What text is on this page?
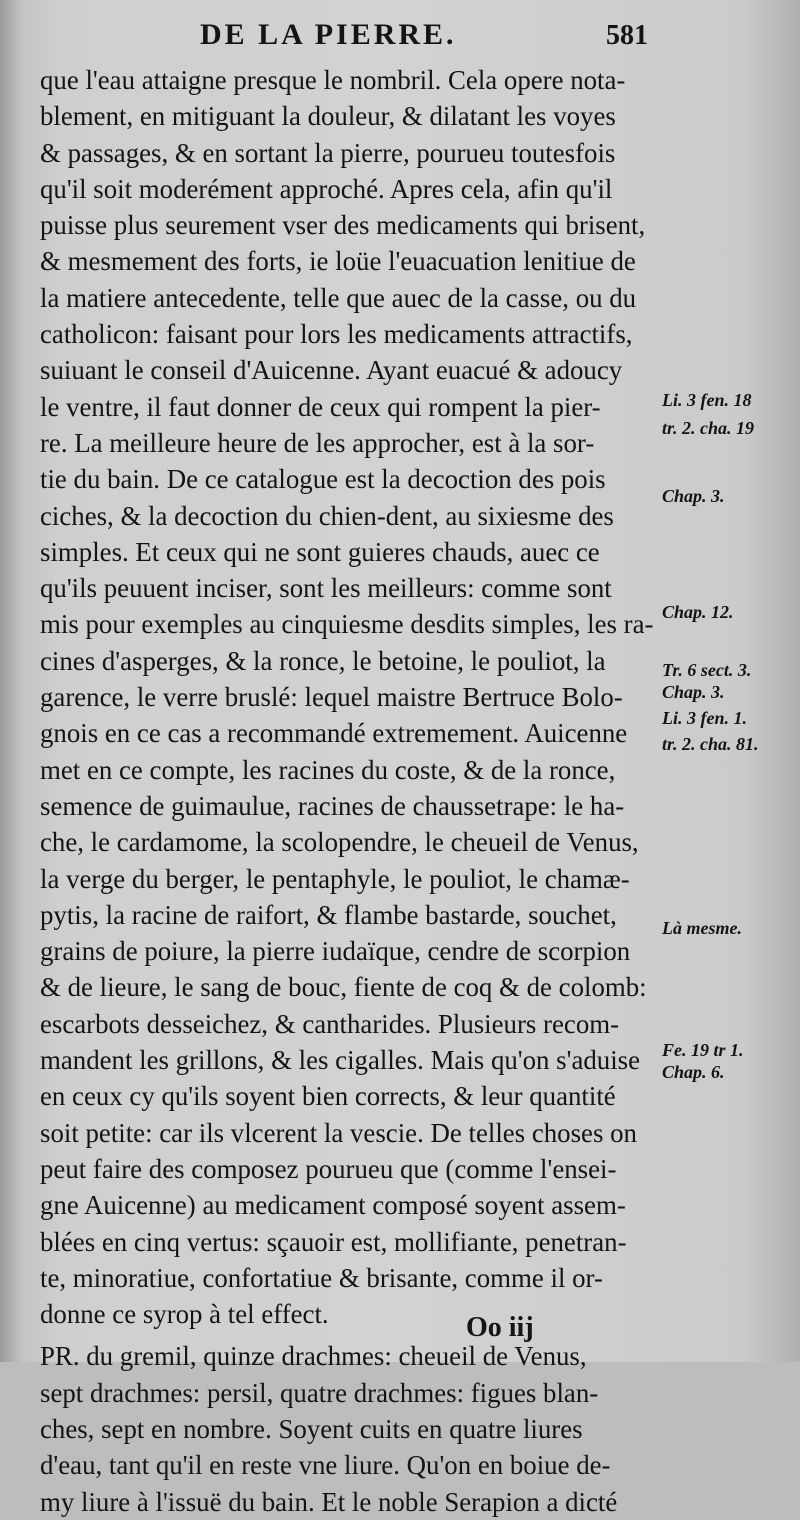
DE LA PIERRE.	581
que l'eau attaigne presque le nombril. Cela opere nota-
blement, en mitiguant la douleur, & dilatant les voyes
& passages, & en sortant la pierre, pourueu toutesfois
qu'il soit moderément approché. Apres cela, afin qu'il
puisse plus seurement vser des medicaments qui brisent,
& mesmement des forts, ie loüe l'euacuation lenitiue de
la matiere antecedente, telle que auec de la casse, ou du
catholicon: faisant pour lors les medicaments attractifs,
suiuant le conseil d'Auicenne. Ayant euacué & adoucy
le ventre, il faut donner de ceux qui rompent la pier-
re. La meilleure heure de les approcher, est à la sor-
tie du bain. De ce catalogue est la decoction des pois
ciches, & la decoction du chien-dent, au sixiesme des
simples. Et ceux qui ne sont guieres chauds, auec ce
qu'ils peuuent inciser, sont les meilleurs: comme sont
mis pour exemples au cinquiesme desdits simples, les ra-
cines d'asperges, & la ronce, le betoine, le pouliot, la
garence, le verre bruslé: lequel maistre Bertruce Bolo-
gnois en ce cas a recommandé extremement. Auicenne
met en ce compte, les racines du coste, & de la ronce,
semence de guimaulue, racines de chaussetrape: le ha-
che, le cardamome, la scolopendre, le cheueil de Venus,
la verge du berger, le pentaphyle, le pouliot, le chamæ-
pytis, la racine de raifort, & flambe bastarde, souchet,
grains de poiure, la pierre iudaïque, cendre de scorpion
& de lieure, le sang de bouc, fiente de coq & de colomb:
escarbots desseichez, & cantharides. Plusieurs recom-
mandent les grillons, & les cigalles. Mais qu'on s'aduise
en ceux cy qu'ils soyent bien corrects, & leur quantité
soit petite: car ils vlcerent la vescie. De telles choses on
peut faire des composez pourueu que (comme l'ensei-
gne Auicenne) au medicament composé soyent assem-
blées en cinq vertus: sçauoir est, mollifiante, penetran-
te, minoratiue, confortatiue & brisante, comme il or-
donne ce syrop à tel effect.
PR. du gremil, quinze drachmes: cheueil de Venus,
sept drachmes: persil, quatre drachmes: figues blan-
ches, sept en nombre. Soyent cuits en quatre liures
d'eau, tant qu'il en reste vne liure. Qu'on en boiue de-
my liure à l'issuë du bain. Et le noble Serapion a dicté
Li. 3 fen. 18
tr. 2. cha. 19
Chap. 3.
Chap. 12.
Tr. 6 sect. 3.
Chap. 3.
Li. 3 fen. 1.
tr. 2. cha. 81.
Là mesme.
Fe. 19 tr 1.
Chap. 6.
Oo iij
